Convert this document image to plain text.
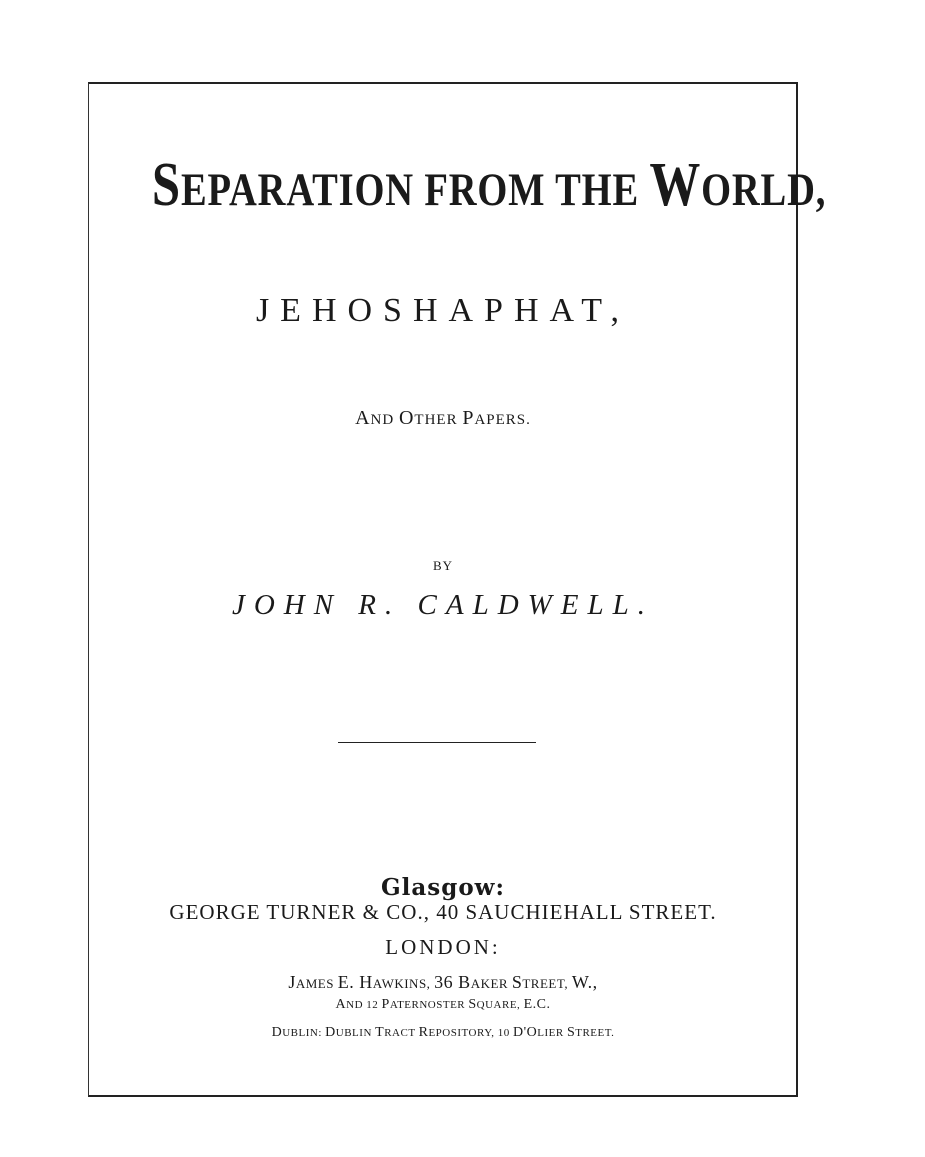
SEPARATION FROM THE WORLD,
JEHOSHAPHAT,
AND OTHER PAPERS.
BY
JOHN R. CALDWELL.
Glasgow:
GEORGE TURNER & CO., 40 SAUCHIEHALL STREET.
LONDON:
JAMES E. HAWKINS, 36 BAKER STREET, W.,
AND 12 PATERNOSTER SQUARE, E.C.
DUBLIN: DUBLIN TRACT REPOSITORY, 10 D'OLIER STREET.
